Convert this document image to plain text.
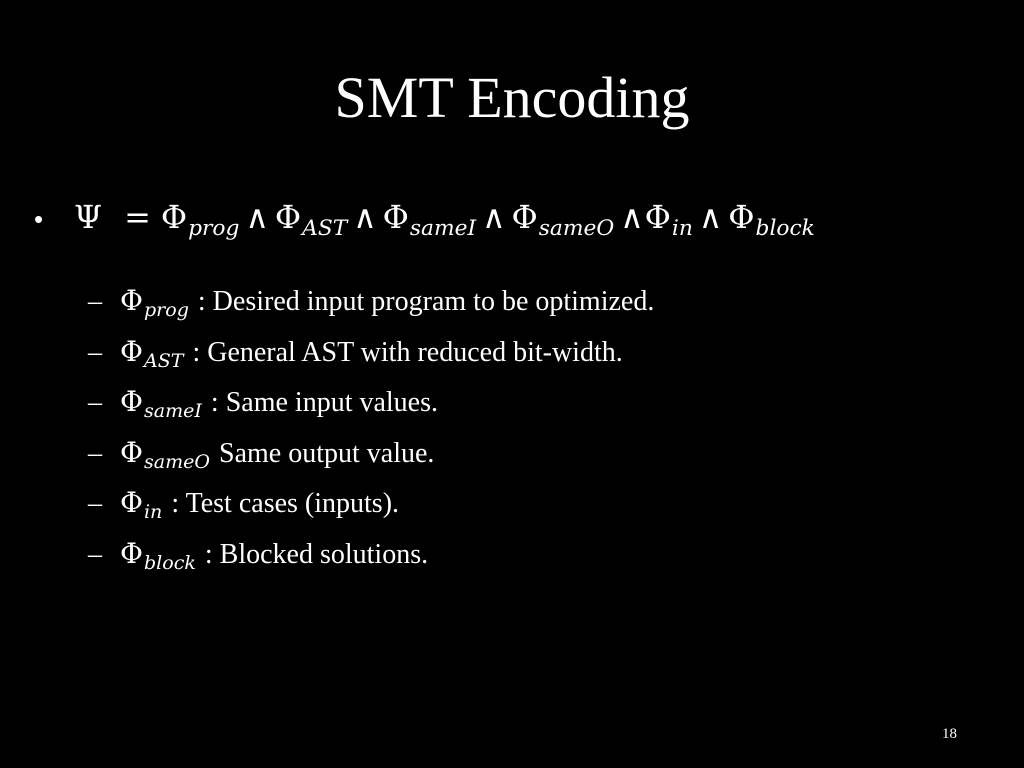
SMT Encoding
• $\Psi = \Phi_{prog}$ ∧ $\Phi_{AST}$ ∧ $\Phi_{sameI}$ ∧ $\Phi_{sameO}$ $\wedge\Phi_{in}$ ∧ $\Phi_{block}$
– $\Phi_{prog}$ : Desired input program to be optimized.
– $\Phi_{AST}$ : General AST with reduced bit-width.
– $\Phi_{sameI}$ : Same input values.
– $\Phi_{sameO}$ Same output value.
– $\Phi_{in}$ : Test cases (inputs).
– $\Phi_{block}$ : Blocked solutions.
18
